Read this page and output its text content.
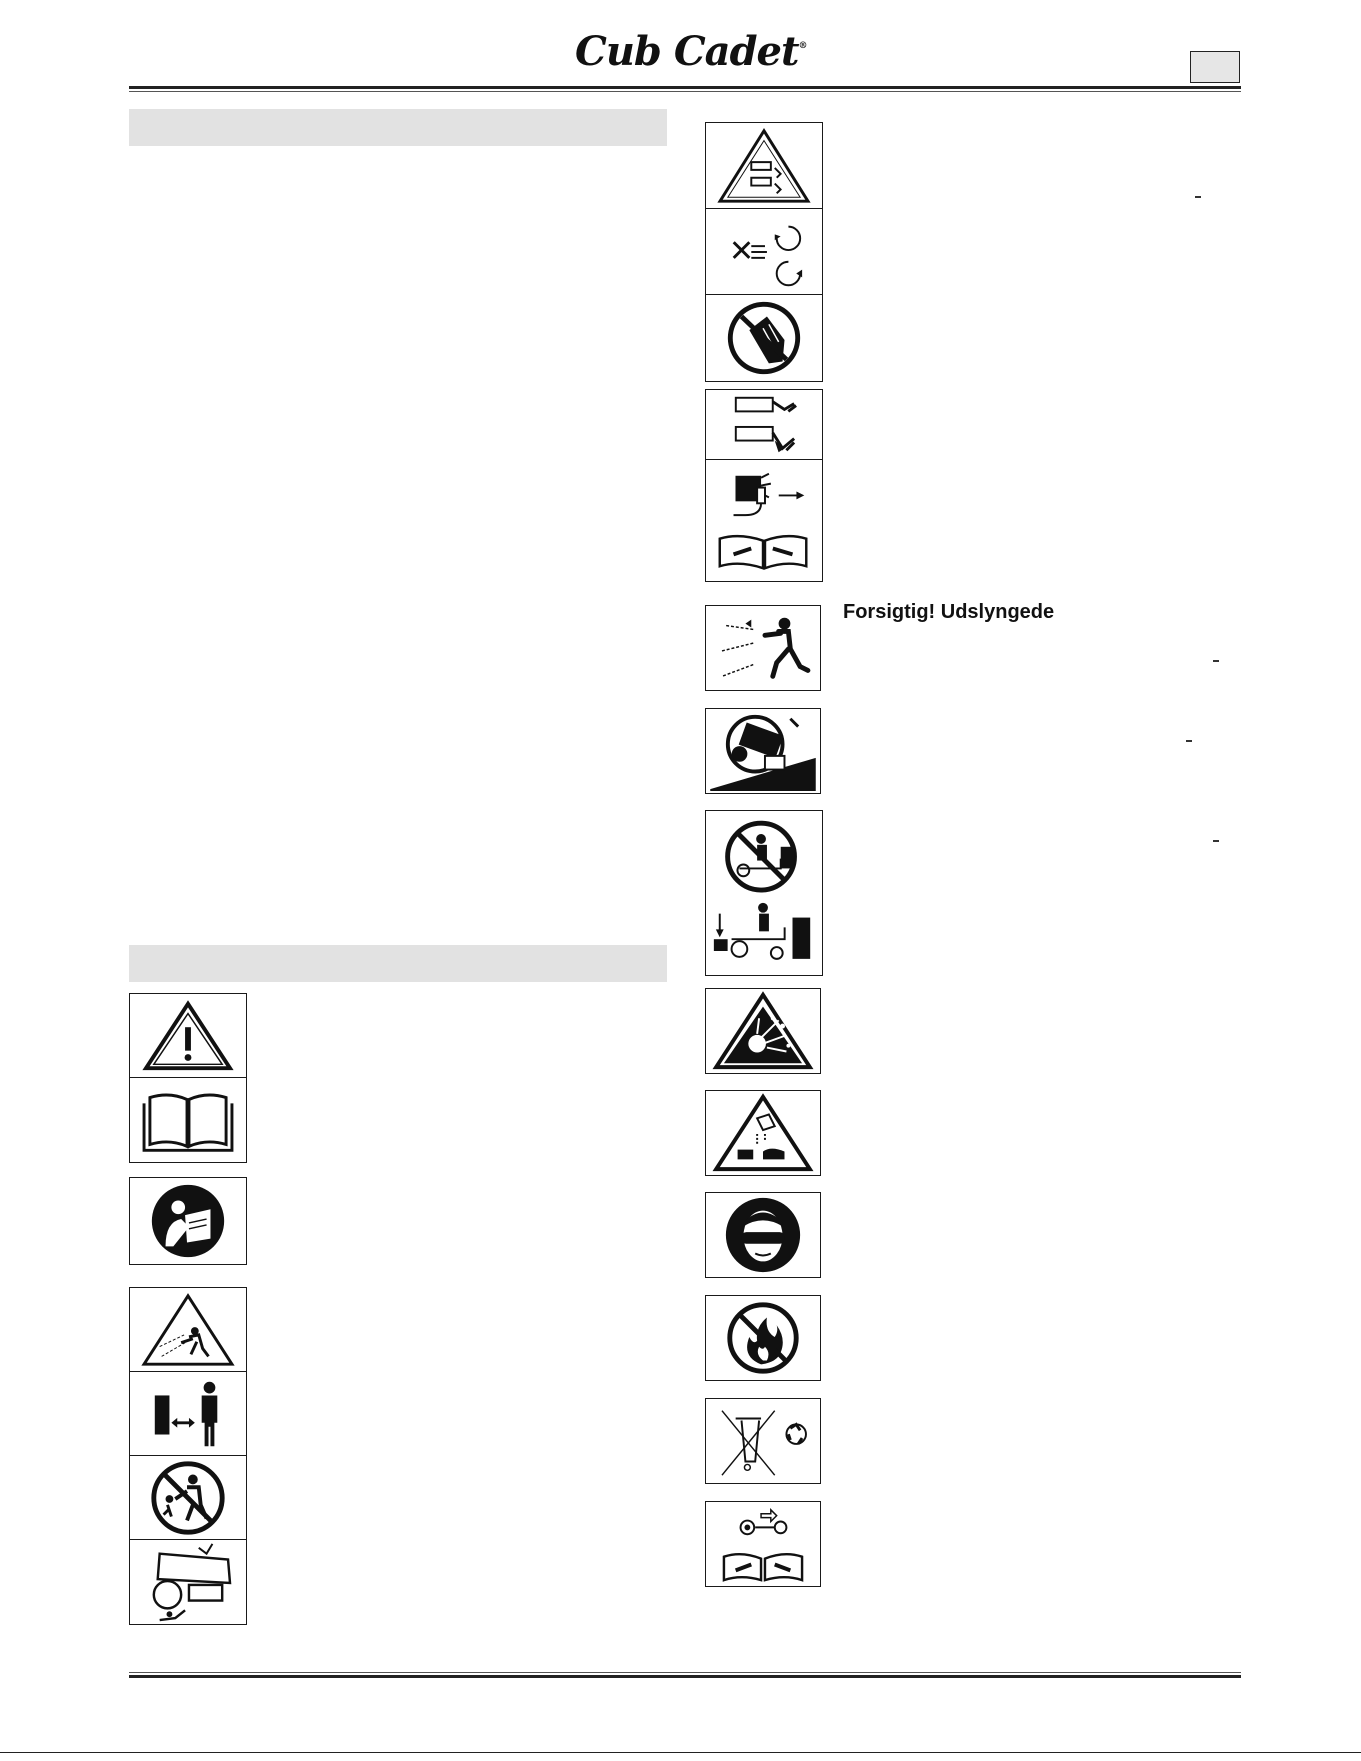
Cub Cadet®
Forsigtig! Udslyngede
